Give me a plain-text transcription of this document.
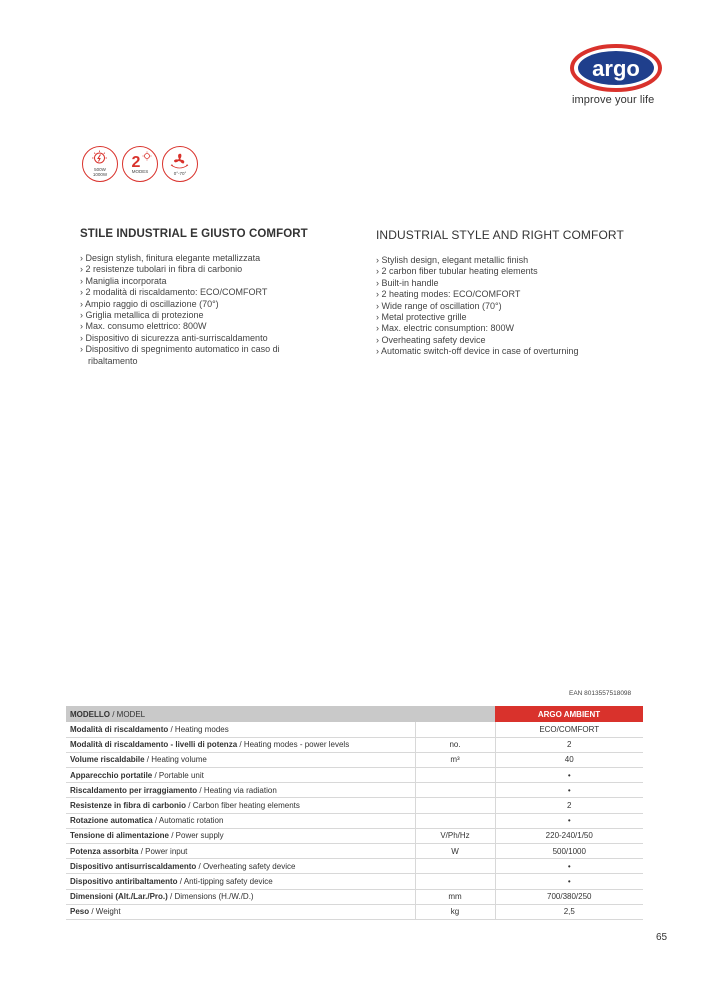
argo
improve your life
500W
1000W
2
MODES	0°-70°
STILE INDUSTRIAL E GIUSTO COMFORT
› Design stylish, finitura elegante metallizzata
› 2 resistenze tubolari in fibra di carbonio
› Maniglia incorporata
› 2 modalità di riscaldamento: ECO/COMFORT
› Ampio raggio di oscillazione (70°)
› Griglia metallica di protezione
› Max. consumo elettrico: 800W
› Dispositivo di sicurezza anti-surriscaldamento
› Dispositivo di spegnimento automatico in caso di ribaltamento
INDUSTRIAL STYLE AND RIGHT COMFORT
› Stylish design, elegant metallic finish
› 2 carbon fiber tubular heating elements
› Built-in handle
› 2 heating modes: ECO/COMFORT
› Wide range of oscillation (70°)
› Metal protective grille
› Max. electric consumption: 800W
› Overheating safety device
› Automatic switch-off device in case of overturning
EAN 8013557518098
MODELLO / MODEL		ARGO AMBIENT
Modalità di riscaldamento / Heating modes		ECO/COMFORT
Modalità di riscaldamento - livelli di potenza / Heating modes - power levels	no.	2
Volume riscaldabile / Heating volume	m³	40
Apparecchio portatile / Portable unit		•
Riscaldamento per irraggiamento / Heating via radiation		•
Resistenze in fibra di carbonio / Carbon fiber heating elements		2
Rotazione automatica / Automatic rotation		•
Tensione di alimentazione / Power supply	V/Ph/Hz	220-240/1/50
Potenza assorbita / Power input	W	500/1000
Dispositivo antisurriscaldamento / Overheating safety device		•
Dispositivo antiribaltamento / Anti-tipping safety device		•
Dimensioni (Alt./Lar./Pro.) / Dimensions (H./W./D.)	mm	700/380/250
Peso / Weight	kg	2,5
65
